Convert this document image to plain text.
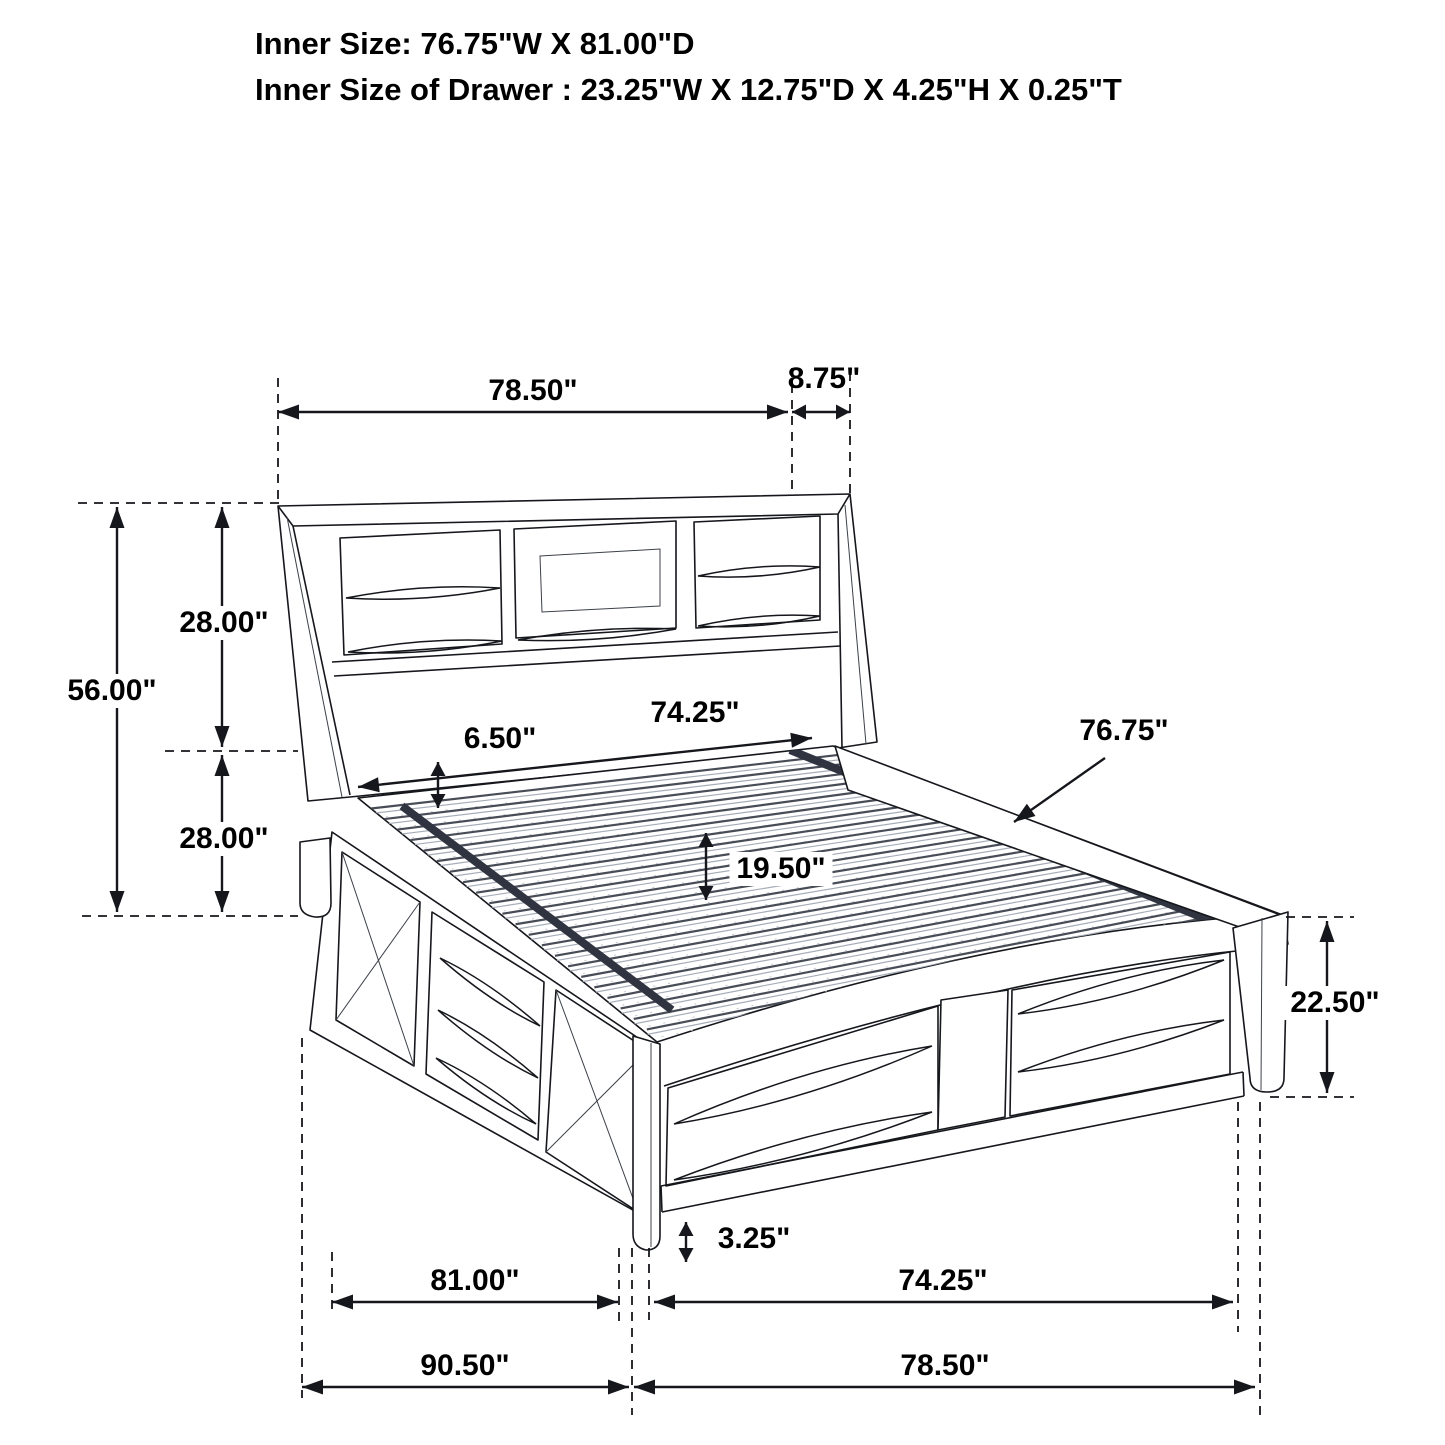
Inner Size: 76.75"W X 81.00"D
Inner Size of Drawer : 23.25"W X 12.75"D X 4.25"H X 0.25"T
78.50"	8.75"
56.00"
28.00"
28.00"
74.25"
6.50"
19.50"
76.75"
22.50"
3.25"
81.00"	74.25"
90.50"	78.50"
